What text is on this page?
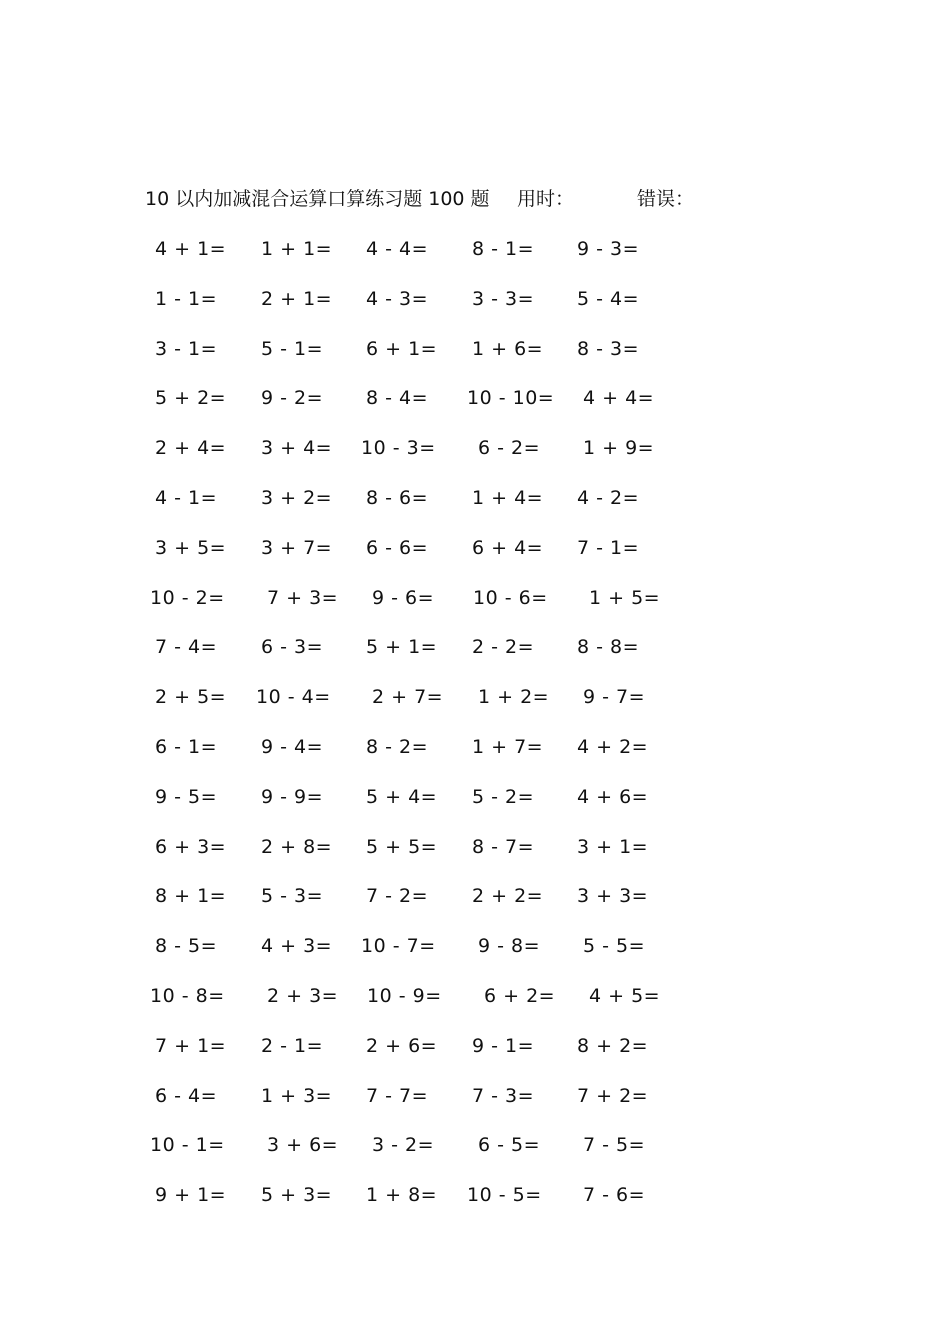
10 以内加减混合运算口算练习题 100 题 用时：	错误：
4 + 1= 1 + 1= 4 - 4= 8 - 1= 9 - 3=
1 - 1= 2 + 1= 4 - 3= 3 - 3= 5 - 4=
3 - 1= 5 - 1= 6 + 1= 1 + 6= 8 - 3=
5 + 2= 9 - 2= 8 - 4= 10 - 10= 4 + 4=
2 + 4= 3 + 4= 10 - 3= 6 - 2= 1 + 9=
4 - 1= 3 + 2= 8 - 6= 1 + 4= 4 - 2=
3 + 5= 3 + 7= 6 - 6= 6 + 4= 7 - 1=
10 - 2= 7 + 3= 9 - 6= 10 - 6= 1 + 5=
7 - 4= 6 - 3= 5 + 1= 2 - 2= 8 - 8=
2 + 5= 10 - 4= 2 + 7= 1 + 2= 9 - 7=
6 - 1= 9 - 4= 8 - 2= 1 + 7= 4 + 2=
9 - 5= 9 - 9= 5 + 4= 5 - 2= 4 + 6=
6 + 3= 2 + 8= 5 + 5= 8 - 7= 3 + 1=
8 + 1= 5 - 3= 7 - 2= 2 + 2= 3 + 3=
8 - 5= 4 + 3= 10 - 7= 9 - 8= 5 - 5=
10 - 8= 2 + 3= 10 - 9= 6 + 2= 4 + 5=
7 + 1= 2 - 1= 2 + 6= 9 - 1= 8 + 2=
6 - 4= 1 + 3= 7 - 7= 7 - 3= 7 + 2=
10 - 1= 3 + 6= 3 - 2= 6 - 5= 7 - 5=
9 + 1= 5 + 3= 1 + 8= 10 - 5= 7 - 6=
